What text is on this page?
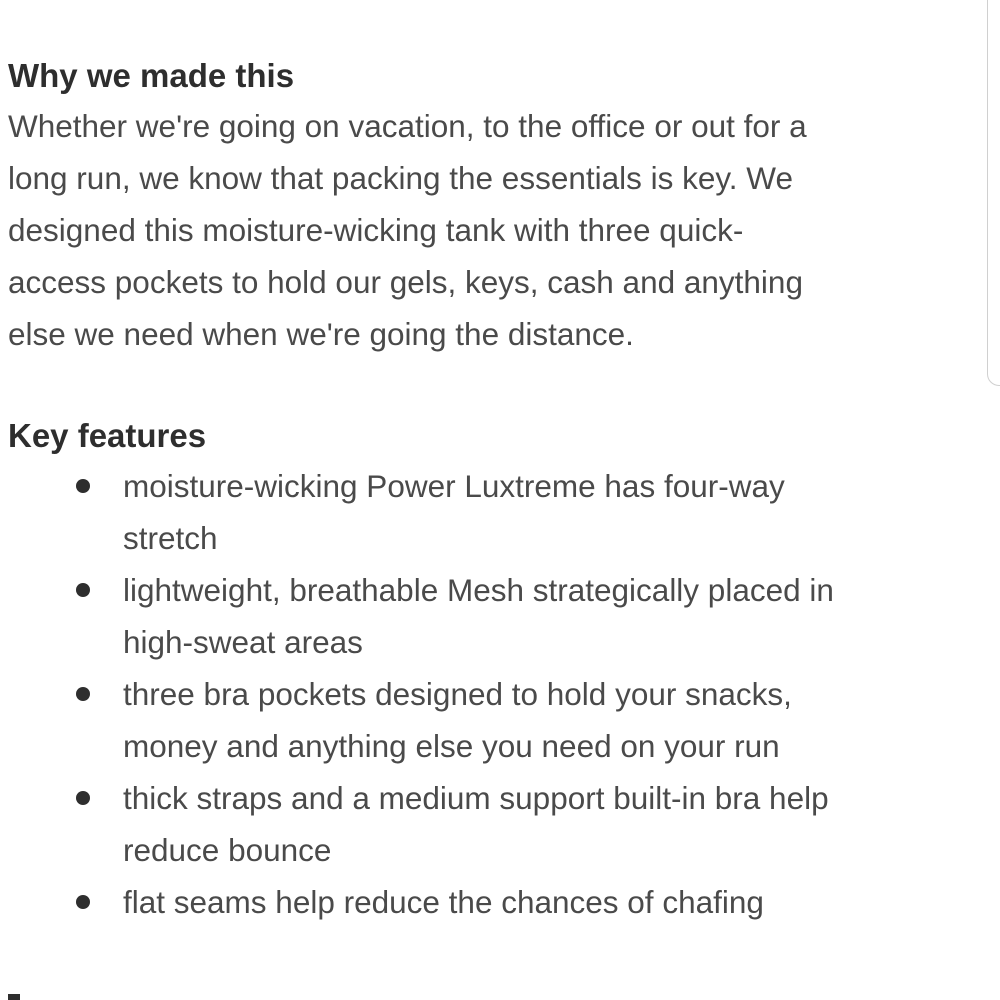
Why we made this

Whether we're going on vacation, to the office or out for a
long run, we know that packing the essentials is key. We
designed this moisture-wicking tank with three quick-
access pockets to hold our gels, keys, cash and anything
else we need when we're going the distance.

Key features
moisture-wicking Power Luxtreme has four-way
stretch
lightweight, breathable Mesh strategically placed in
high-sweat areas
three bra pockets designed to hold your snacks,
money and anything else you need on your run
thick straps and a medium support built-in bra help
reduce bounce
flat seams help reduce the chances of chafing
